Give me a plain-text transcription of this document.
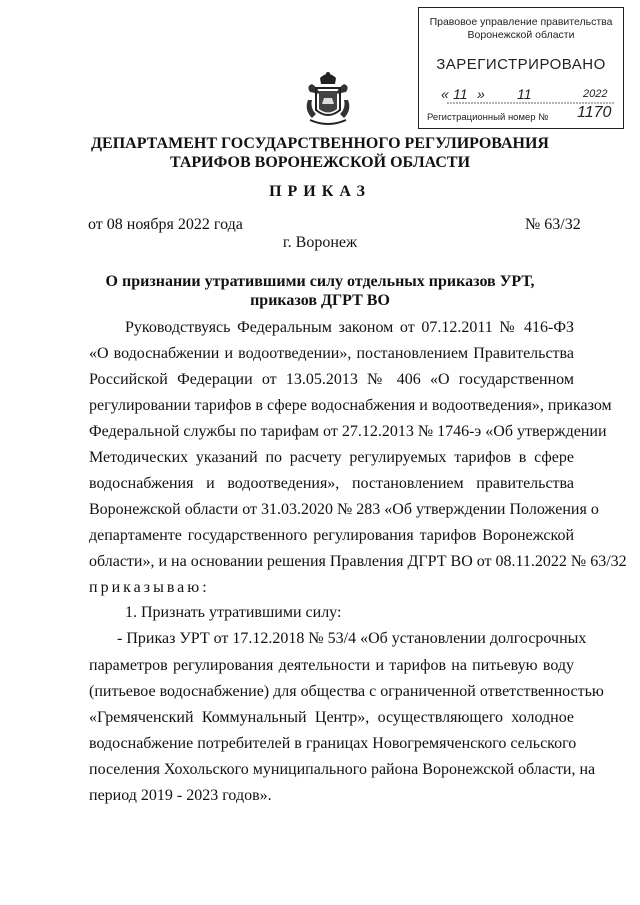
Правовое управление правительства
Воронежской области
ЗАРЕГИСТРИРОВАНО
« 11 » 11	2022
Регистрационный номер № 1170
ДЕПАРТАМЕНТ ГОСУДАРСТВЕННОГО РЕГУЛИРОВАНИЯ
ТАРИФОВ ВОРОНЕЖСКОЙ ОБЛАСТИ
ПРИКАЗ
от 08 ноября 2022 года	№ 63/32
г. Воронеж
О признании утратившими силу отдельных приказов УРТ,
приказов ДГРТ ВО
Руководствуясь Федеральным законом от 07.12.2011 № 416-ФЗ
«О водоснабжении и водоотведении», постановлением Правительства
Российской Федерации от 13.05.2013 № 406 «О государственном
регулировании тарифов в сфере водоснабжения и водоотведения», приказом
Федеральной службы по тарифам от 27.12.2013 № 1746-э «Об утверждении
Методических указаний по расчету регулируемых тарифов в сфере
водоснабжения и водоотведения», постановлением правительства
Воронежской области от 31.03.2020 № 283 «Об утверждении Положения о
департаменте государственного регулирования тарифов Воронежской
области», и на основании решения Правления ДГРТ ВО от 08.11.2022 № 63/32
приказываю:
1. Признать утратившими силу:
- Приказ УРТ от 17.12.2018 № 53/4 «Об установлении долгосрочных
параметров регулирования деятельности и тарифов на питьевую воду
(питьевое водоснабжение) для общества с ограниченной ответственностью
«Гремяченский Коммунальный Центр», осуществляющего холодное
водоснабжение потребителей в границах Новогремяченского сельского
поселения Хохольского муниципального района Воронежской области, на
период 2019 - 2023 годов».
